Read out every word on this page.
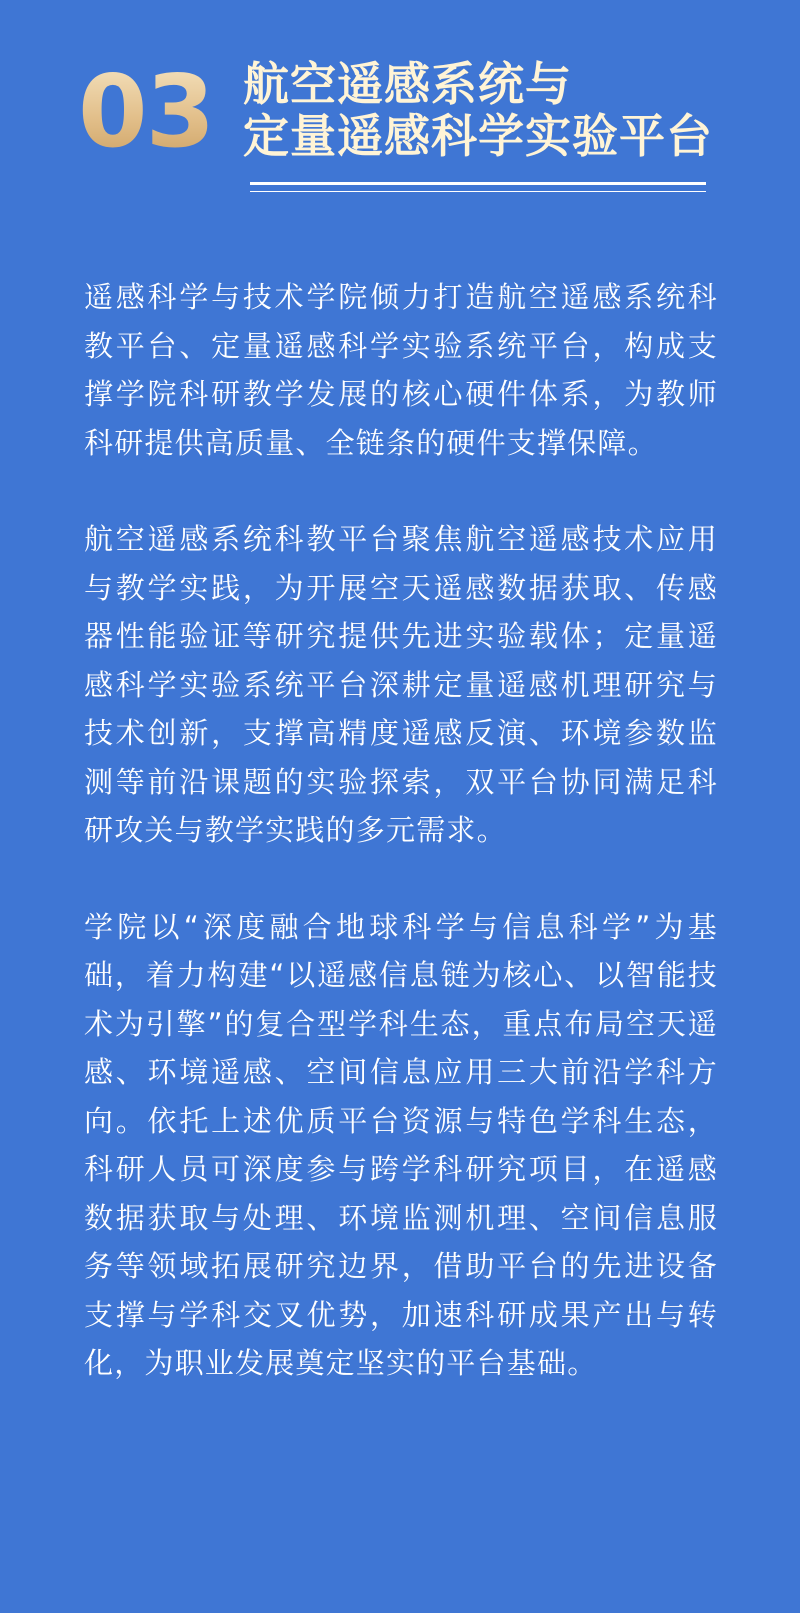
03 航空遥感系统与
定量遥感科学实验平台

遥感科学与技术学院倾力打造航空遥感系统科教平台、定量遥感科学实验系统平台，构成支撑学院科研教学发展的核心硬件体系，为教师科研提供高质量、全链条的硬件支撑保障。

航空遥感系统科教平台聚焦航空遥感技术应用与教学实践，为开展空天遥感数据获取、传感器性能验证等研究提供先进实验载体；定量遥感科学实验系统平台深耕定量遥感机理研究与技术创新，支撑高精度遥感反演、环境参数监测等前沿课题的实验探索，双平台协同满足科研攻关与教学实践的多元需求。

学院以“深度融合地球科学与信息科学”为基础，着力构建“以遥感信息链为核心、以智能技术为引擎”的复合型学科生态，重点布局空天遥感、环境遥感、空间信息应用三大前沿学科方向。依托上述优质平台资源与特色学科生态，科研人员可深度参与跨学科研究项目，在遥感数据获取与处理、环境监测机理、空间信息服务等领域拓展研究边界，借助平台的先进设备支撑与学科交叉优势，加速科研成果产出与转化，为职业发展奠定坚实的平台基础。
